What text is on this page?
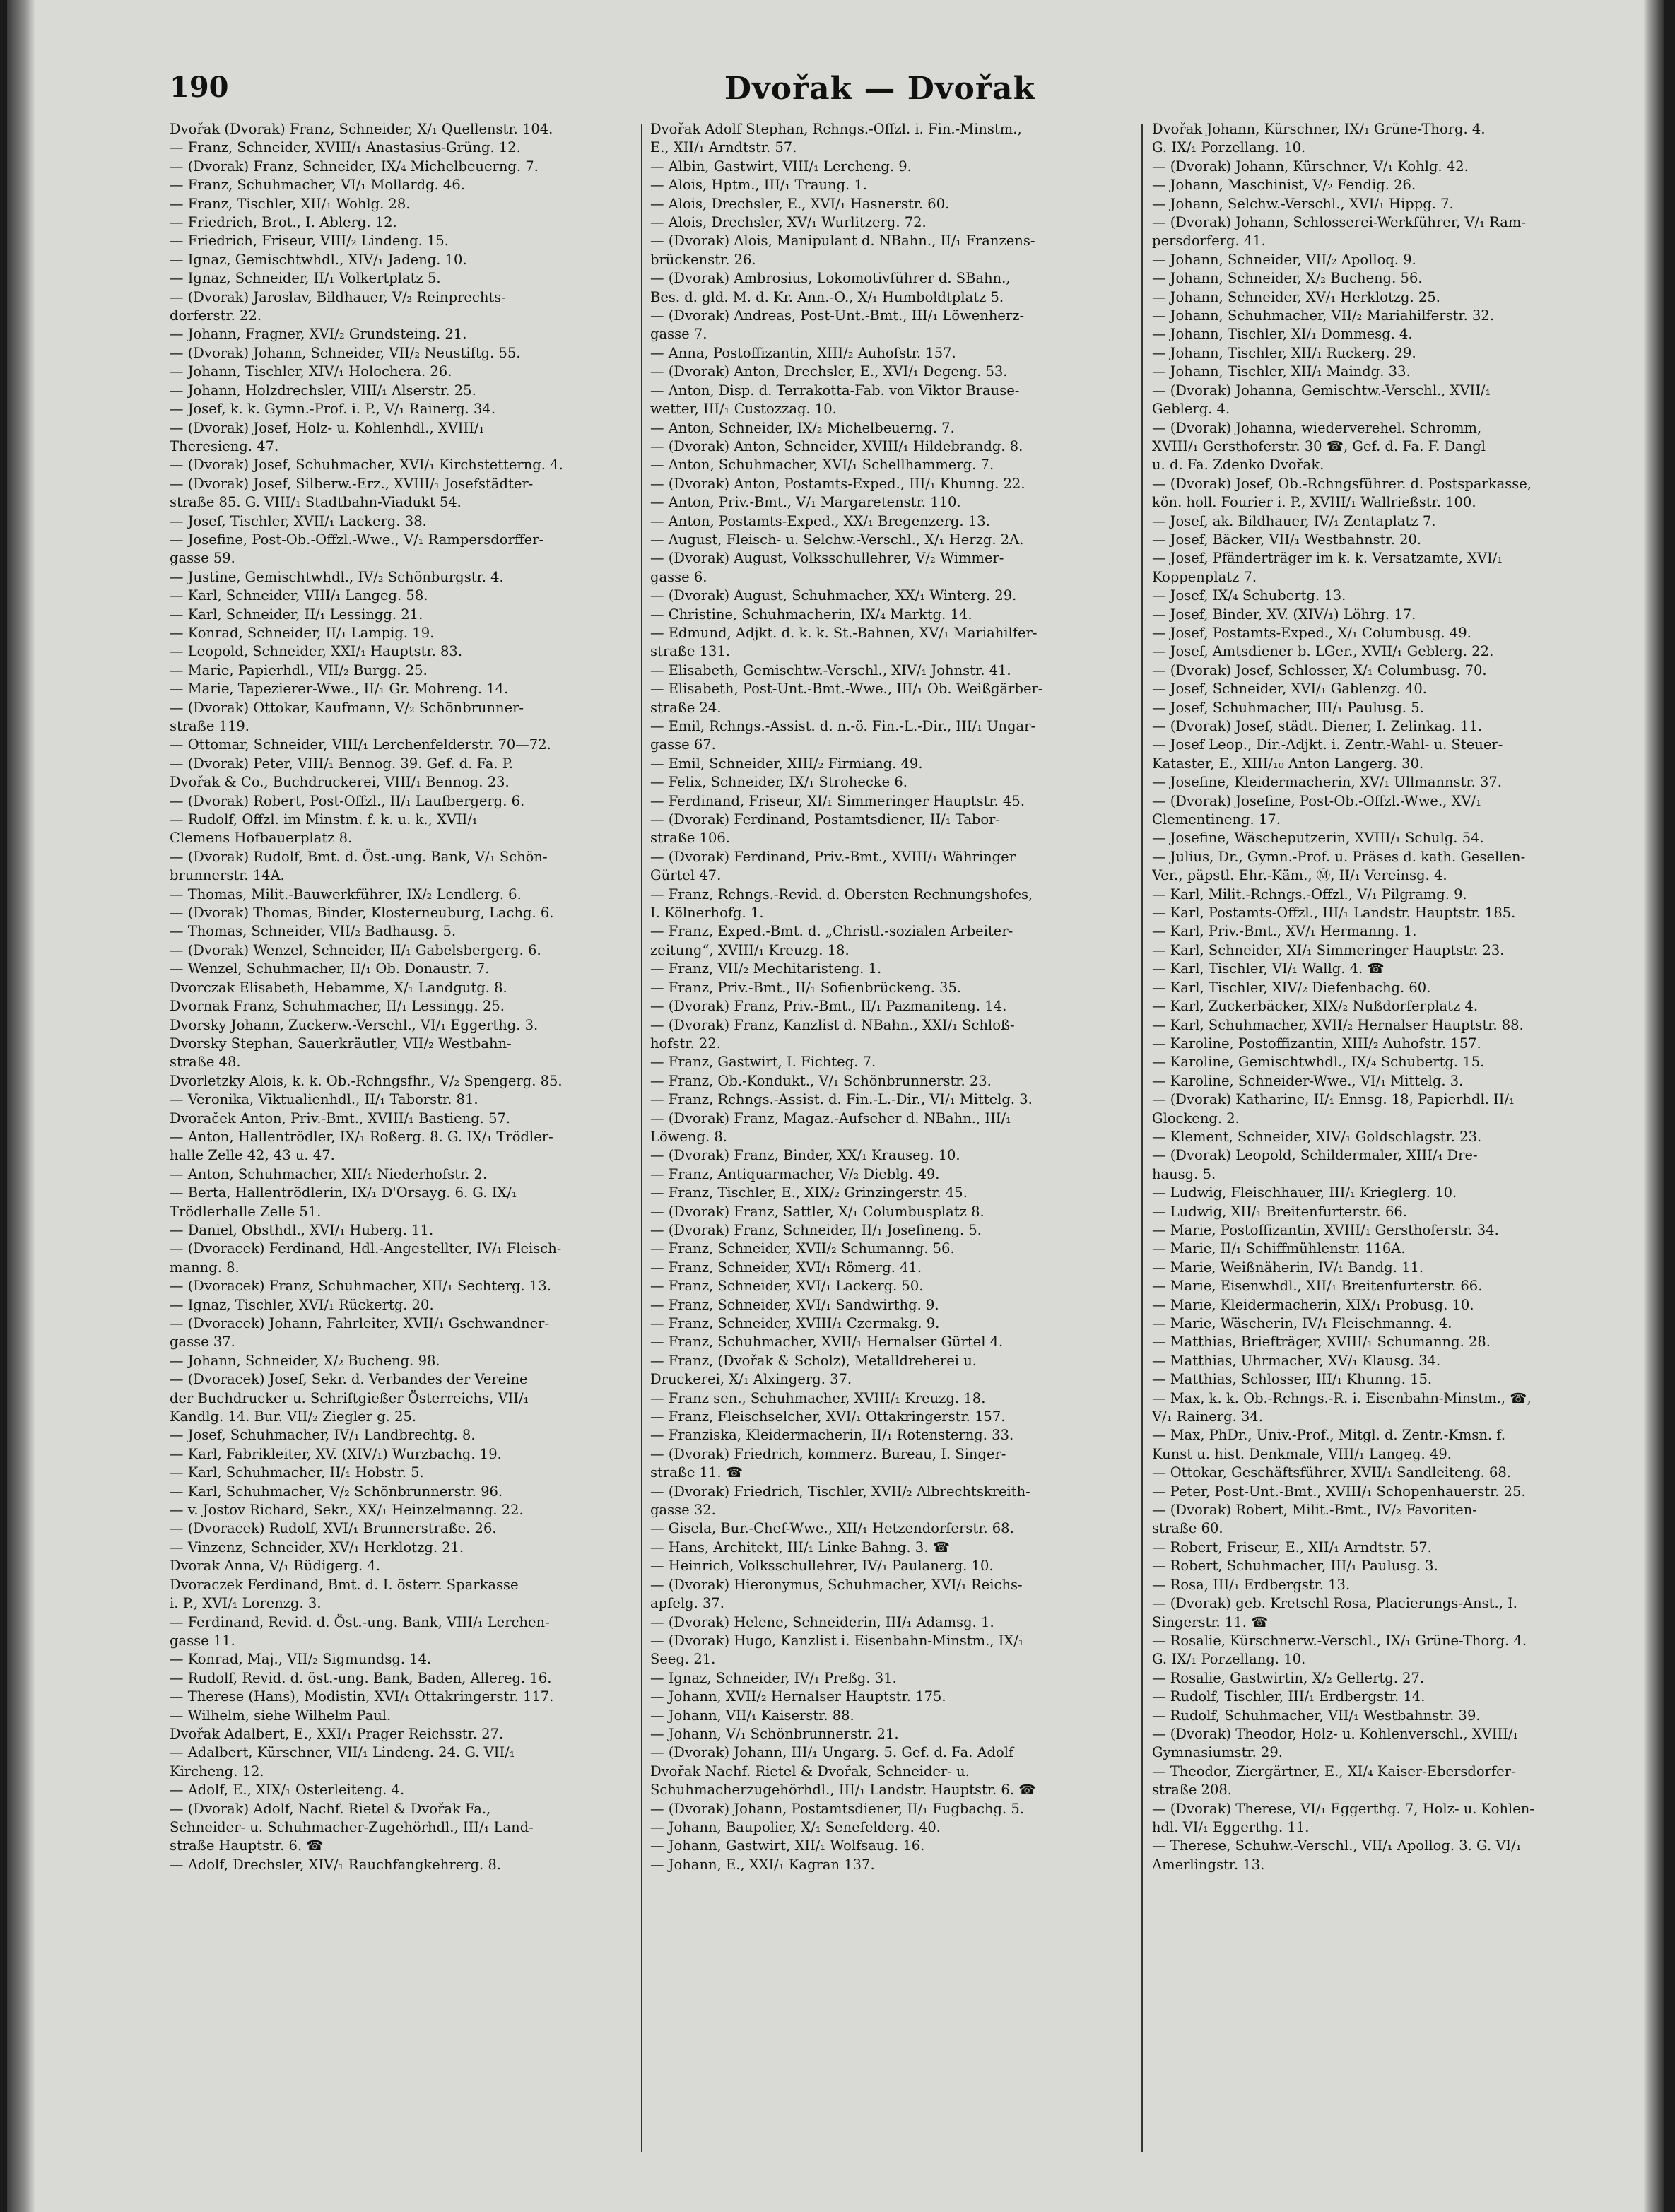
Dvořak — Dvořak
190
Dvořak (Dvorak) Franz, Schneider, X/₁ Quellenstr. 104.
— Franz, Schneider, XVIII/₁ Anastasius-Grüng. 12.
— (Dvorak) Franz, Schneider, IX/₄ Michelbeuerng. 7.
— Franz, Schuhmacher, VI/₁ Mollardg. 46.
— Franz, Tischler, XII/₁ Wohlg. 28.
— Friedrich, Brot., I. Ablerg. 12.
— Friedrich, Friseur, VIII/₂ Lindeng. 15.
— Ignaz, Gemischtwhdl., XIV/₁ Jadeng. 10.
— Ignaz, Schneider, II/₁ Volkertplatz 5.
— (Dvorak) Jaroslav, Bildhauer, V/₂ Reinprechts-
dorferstr. 22.
— Johann, Fragner, XVI/₂ Grundsteing. 21.
— (Dvorak) Johann, Schneider, VII/₂ Neustiftg. 55.
— Johann, Tischler, XIV/₁ Holochera. 26.
— Johann, Holzdrechsler, VIII/₁ Alserstr. 25.
— Josef, k. k. Gymn.-Prof. i. P., V/₁ Rainerg. 34.
— (Dvorak) Josef, Holz- u. Kohlenhdl., XVIII/₁
Theresieng. 47.
— (Dvorak) Josef, Schuhmacher, XVI/₁ Kirchstetterng. 4.
— (Dvorak) Josef, Silberw.-Erz., XVIII/₁ Josefstädter-
straße 85. G. VIII/₁ Stadtbahn-Viadukt 54.
— Josef, Tischler, XVII/₁ Lackerg. 38.
— Josefine, Post-Ob.-Offzl.-Wwe., V/₁ Rampersdorffer-
gasse 59.
— Justine, Gemischtwhdl., IV/₂ Schönburgstr. 4.
— Karl, Schneider, VIII/₁ Langeg. 58.
— Karl, Schneider, II/₁ Lessingg. 21.
— Konrad, Schneider, II/₁ Lampig. 19.
— Leopold, Schneider, XXI/₁ Hauptstr. 83.
— Marie, Papierhdl., VII/₂ Burgg. 25.
— Marie, Tapezierer-Wwe., II/₁ Gr. Mohreng. 14.
— (Dvorak) Ottokar, Kaufmann, V/₂ Schönbrunner-
straße 119.
— Ottomar, Schneider, VIII/₁ Lerchenfelderstr. 70—72.
— (Dvorak) Peter, VIII/₁ Bennog. 39. Gef. d. Fa. P.
Dvořak & Co., Buchdruckerei, VIII/₁ Bennog. 23.
— (Dvorak) Robert, Post-Offzl., II/₁ Laufbergerg. 6.
— Rudolf, Offzl. im Minstm. f. k. u. k., XVII/₁
Clemens Hofbauerplatz 8.
— (Dvorak) Rudolf, Bmt. d. Öst.-ung. Bank, V/₁ Schön-
brunnerstr. 14A.
— Thomas, Milit.-Bauwerkführer, IX/₂ Lendlerg. 6.
— (Dvorak) Thomas, Binder, Klosterneuburg, Lachg. 6.
— Thomas, Schneider, VII/₂ Badhausg. 5.
— (Dvorak) Wenzel, Schneider, II/₁ Gabelsbergerg. 6.
— Wenzel, Schuhmacher, II/₁ Ob. Donaustr. 7.
Dvorczak Elisabeth, Hebamme, X/₁ Landgutg. 8.
Dvornak Franz, Schuhmacher, II/₁ Lessingg. 25.
Dvorsky Johann, Zuckerw.-Verschl., VI/₁ Eggerthg. 3.
Dvorsky Stephan, Sauerkräutler, VII/₂ Westbahn-
straße 48.
Dvorletzky Alois, k. k. Ob.-Rchngsfhr., V/₂ Spengerg. 85.
— Veronika, Viktualienhdl., II/₁ Taborstr. 81.
Dvoraček Anton, Priv.-Bmt., XVIII/₁ Bastieng. 57.
— Anton, Hallentrödler, IX/₁ Roßerg. 8. G. IX/₁ Trödler-
halle Zelle 42, 43 u. 47.
— Anton, Schuhmacher, XII/₁ Niederhofstr. 2.
— Berta, Hallentrödlerin, IX/₁ D'Orsayg. 6. G. IX/₁
Trödlerhalle Zelle 51.
— Daniel, Obsthdl., XVI/₁ Huberg. 11.
— (Dvoracek) Ferdinand, Hdl.-Angestellter, IV/₁ Fleisch-
manng. 8.
— (Dvoracek) Franz, Schuhmacher, XII/₁ Sechterg. 13.
— Ignaz, Tischler, XVI/₁ Rückertg. 20.
— (Dvoracek) Johann, Fahrleiter, XVII/₁ Gschwandner-
gasse 37.
— Johann, Schneider, X/₂ Bucheng. 98.
— (Dvoracek) Josef, Sekr. d. Verbandes der Vereine
der Buchdrucker u. Schriftgießer Österreichs, VII/₁
Kandlg. 14. Bur. VII/₂ Ziegler g. 25.
— Josef, Schuhmacher, IV/₁ Landbrechtg. 8.
— Karl, Fabrikleiter, XV. (XIV/₁) Wurzbachg. 19.
— Karl, Schuhmacher, II/₁ Hobstr. 5.
— Karl, Schuhmacher, V/₂ Schönbrunnerstr. 96.
— v. Jostov Richard, Sekr., XX/₁ Heinzelmanng. 22.
— (Dvoracek) Rudolf, XVI/₁ Brunnerstraße. 26.
— Vinzenz, Schneider, XV/₁ Herklotzg. 21.
Dvorak Anna, V/₁ Rüdigerg. 4.
Dvoraczek Ferdinand, Bmt. d. I. österr. Sparkasse
i. P., XVI/₁ Lorenzg. 3.
— Ferdinand, Revid. d. Öst.-ung. Bank, VIII/₁ Lerchen-
gasse 11.
— Konrad, Maj., VII/₂ Sigmundsg. 14.
— Rudolf, Revid. d. öst.-ung. Bank, Baden, Allereg. 16.
— Therese (Hans), Modistin, XVI/₁ Ottakringerstr. 117.
— Wilhelm, siehe Wilhelm Paul.
Dvořak Adalbert, E., XXI/₁ Prager Reichsstr. 27.
— Adalbert, Kürschner, VII/₁ Lindeng. 24. G. VII/₁
Kircheng. 12.
— Adolf, E., XIX/₁ Osterleiteng. 4.
— (Dvorak) Adolf, Nachf. Rietel & Dvořak Fa.,
Schneider- u. Schuhmacher-Zugehörhdl., III/₁ Land-
straße Hauptstr. 6. ☎
— Adolf, Drechsler, XIV/₁ Rauchfangkehrerg. 8.
Dvořak Adolf Stephan, Rchngs.-Offzl. i. Fin.-Minstm.,
E., XII/₁ Arndtstr. 57.
— Albin, Gastwirt, VIII/₁ Lercheng. 9.
— Alois, Hptm., III/₁ Traung. 1.
— Alois, Drechsler, E., XVI/₁ Hasnerstr. 60.
— Alois, Drechsler, XV/₁ Wurlitzerg. 72.
— (Dvorak) Alois, Manipulant d. NBahn., II/₁ Franzens-
brückenstr. 26.
— (Dvorak) Ambrosius, Lokomotivführer d. SBahn.,
Bes. d. gld. M. d. Kr. Ann.-O., X/₁ Humboldtplatz 5.
— (Dvorak) Andreas, Post-Unt.-Bmt., III/₁ Löwenherz-
gasse 7.
— Anna, Postoffizantin, XIII/₂ Auhofstr. 157.
— (Dvorak) Anton, Drechsler, E., XVI/₁ Degeng. 53.
— Anton, Disp. d. Terrakotta-Fab. von Viktor Brause-
wetter, III/₁ Custozzag. 10.
— Anton, Schneider, IX/₂ Michelbeuerng. 7.
— (Dvorak) Anton, Schneider, XVIII/₁ Hildebrandg. 8.
— Anton, Schuhmacher, XVI/₁ Schellhammerg. 7.
— (Dvorak) Anton, Postamts-Exped., III/₁ Khunng. 22.
— Anton, Priv.-Bmt., V/₁ Margaretenstr. 110.
— Anton, Postamts-Exped., XX/₁ Bregenzerg. 13.
— August, Fleisch- u. Selchw.-Verschl., X/₁ Herzg. 2A.
— (Dvorak) August, Volksschullehrer, V/₂ Wimmer-
gasse 6.
— (Dvorak) August, Schuhmacher, XX/₁ Winterg. 29.
— Christine, Schuhmacherin, IX/₄ Marktg. 14.
— Edmund, Adjkt. d. k. k. St.-Bahnen, XV/₁ Mariahilfer-
straße 131.
— Elisabeth, Gemischtw.-Verschl., XIV/₁ Johnstr. 41.
— Elisabeth, Post-Unt.-Bmt.-Wwe., III/₁ Ob. Weißgärber-
straße 24.
— Emil, Rchngs.-Assist. d. n.-ö. Fin.-L.-Dir., III/₁ Ungar-
gasse 67.
— Emil, Schneider, XIII/₂ Firmiang. 49.
— Felix, Schneider, IX/₁ Strohecke 6.
— Ferdinand, Friseur, XI/₁ Simmeringer Hauptstr. 45.
— (Dvorak) Ferdinand, Postamtsdiener, II/₁ Tabor-
straße 106.
— (Dvorak) Ferdinand, Priv.-Bmt., XVIII/₁ Währinger
Gürtel 47.
— Franz, Rchngs.-Revid. d. Obersten Rechnungshofes,
I. Kölnerhofg. 1.
— Franz, Exped.-Bmt. d. „Christl.-sozialen Arbeiter-
zeitung“, XVIII/₁ Kreuzg. 18.
— Franz, VII/₂ Mechitaristeng. 1.
— Franz, Priv.-Bmt., II/₁ Sofienbrückeng. 35.
— (Dvorak) Franz, Priv.-Bmt., II/₁ Pazmaniteng. 14.
— (Dvorak) Franz, Kanzlist d. NBahn., XXI/₁ Schloß-
hofstr. 22.
— Franz, Gastwirt, I. Fichteg. 7.
— Franz, Ob.-Kondukt., V/₁ Schönbrunnerstr. 23.
— Franz, Rchngs.-Assist. d. Fin.-L.-Dir., VI/₁ Mittelg. 3.
— (Dvorak) Franz, Magaz.-Aufseher d. NBahn., III/₁
Löweng. 8.
— (Dvorak) Franz, Binder, XX/₁ Krauseg. 10.
— Franz, Antiquarmacher, V/₂ Dieblg. 49.
— Franz, Tischler, E., XIX/₂ Grinzingerstr. 45.
— (Dvorak) Franz, Sattler, X/₁ Columbusplatz 8.
— (Dvorak) Franz, Schneider, II/₁ Josefineng. 5.
— Franz, Schneider, XVII/₂ Schumanng. 56.
— Franz, Schneider, XVI/₁ Römerg. 41.
— Franz, Schneider, XVI/₁ Lackerg. 50.
— Franz, Schneider, XVI/₁ Sandwirthg. 9.
— Franz, Schneider, XVIII/₁ Czermakg. 9.
— Franz, Schuhmacher, XVII/₁ Hernalser Gürtel 4.
— Franz, (Dvořak & Scholz), Metalldreherei u.
Druckerei, X/₁ Alxingerg. 37.
— Franz sen., Schuhmacher, XVIII/₁ Kreuzg. 18.
— Franz, Fleischselcher, XVI/₁ Ottakringerstr. 157.
— Franziska, Kleidermacherin, II/₁ Rotensterng. 33.
— (Dvorak) Friedrich, kommerz. Bureau, I. Singer-
straße 11. ☎
— (Dvorak) Friedrich, Tischler, XVII/₂ Albrechtskreith-
gasse 32.
— Gisela, Bur.-Chef-Wwe., XII/₁ Hetzendorferstr. 68.
— Hans, Architekt, III/₁ Linke Bahng. 3. ☎
— Heinrich, Volksschullehrer, IV/₁ Paulanerg. 10.
— (Dvorak) Hieronymus, Schuhmacher, XVI/₁ Reichs-
apfelg. 37.
— (Dvorak) Helene, Schneiderin, III/₁ Adamsg. 1.
— (Dvorak) Hugo, Kanzlist i. Eisenbahn-Minstm., IX/₁
Seeg. 21.
— Ignaz, Schneider, IV/₁ Preßg. 31.
— Johann, XVII/₂ Hernalser Hauptstr. 175.
— Johann, VII/₁ Kaiserstr. 88.
— Johann, V/₁ Schönbrunnerstr. 21.
— (Dvorak) Johann, III/₁ Ungarg. 5. Gef. d. Fa. Adolf
Dvořak Nachf. Rietel & Dvořak, Schneider- u.
Schuhmacherzugehörhdl., III/₁ Landstr. Hauptstr. 6. ☎
— (Dvorak) Johann, Postamtsdiener, II/₁ Fugbachg. 5.
— Johann, Baupolier, X/₁ Senefelderg. 40.
— Johann, Gastwirt, XII/₁ Wolfsaug. 16.
— Johann, E., XXI/₁ Kagran 137.
Dvořak Johann, Kürschner, IX/₁ Grüne-Thorg. 4.
G. IX/₁ Porzellang. 10.
— (Dvorak) Johann, Kürschner, V/₁ Kohlg. 42.
— Johann, Maschinist, V/₂ Fendig. 26.
— Johann, Selchw.-Verschl., XVI/₁ Hippg. 7.
— (Dvorak) Johann, Schlosserei-Werkführer, V/₁ Ram-
persdorferg. 41.
— Johann, Schneider, VII/₂ Apolloq. 9.
— Johann, Schneider, X/₂ Bucheng. 56.
— Johann, Schneider, XV/₁ Herklotzg. 25.
— Johann, Schuhmacher, VII/₂ Mariahilferstr. 32.
— Johann, Tischler, XI/₁ Dommesg. 4.
— Johann, Tischler, XII/₁ Ruckerg. 29.
— Johann, Tischler, XII/₁ Maindg. 33.
— (Dvorak) Johanna, Gemischtw.-Verschl., XVII/₁
Geblerg. 4.
— (Dvorak) Johanna, wiederverehel. Schromm,
XVIII/₁ Gersthoferstr. 30 ☎, Gef. d. Fa. F. Dangl
u. d. Fa. Zdenko Dvořak.
— (Dvorak) Josef, Ob.-Rchngsführer. d. Postsparkasse,
kön. holl. Fourier i. P., XVIII/₁ Wallrießstr. 100.
— Josef, ak. Bildhauer, IV/₁ Zentaplatz 7.
— Josef, Bäcker, VII/₁ Westbahnstr. 20.
— Josef, Pfänderträger im k. k. Versatzamte, XVI/₁
Koppenplatz 7.
— Josef, IX/₄ Schubertg. 13.
— Josef, Binder, XV. (XIV/₁) Löhrg. 17.
— Josef, Postamts-Exped., X/₁ Columbusg. 49.
— Josef, Amtsdiener b. LGer., XVII/₁ Geblerg. 22.
— (Dvorak) Josef, Schlosser, X/₁ Columbusg. 70.
— Josef, Schneider, XVI/₁ Gablenzg. 40.
— Josef, Schuhmacher, III/₁ Paulusg. 5.
— (Dvorak) Josef, städt. Diener, I. Zelinkag. 11.
— Josef Leop., Dir.-Adjkt. i. Zentr.-Wahl- u. Steuer-
Kataster, E., XIII/₁₀ Anton Langerg. 30.
— Josefine, Kleidermacherin, XV/₁ Ullmannstr. 37.
— (Dvorak) Josefine, Post-Ob.-Offzl.-Wwe., XV/₁
Clementineng. 17.
— Josefine, Wäscheputzerin, XVIII/₁ Schulg. 54.
— Julius, Dr., Gymn.-Prof. u. Präses d. kath. Gesellen-
Ver., päpstl. Ehr.-Käm., Ⓜ, II/₁ Vereinsg. 4.
— Karl, Milit.-Rchngs.-Offzl., V/₁ Pilgramg. 9.
— Karl, Postamts-Offzl., III/₁ Landstr. Hauptstr. 185.
— Karl, Priv.-Bmt., XV/₁ Hermanng. 1.
— Karl, Schneider, XI/₁ Simmeringer Hauptstr. 23.
— Karl, Tischler, VI/₁ Wallg. 4. ☎
— Karl, Tischler, XIV/₂ Diefenbachg. 60.
— Karl, Zuckerbäcker, XIX/₂ Nußdorferplatz 4.
— Karl, Schuhmacher, XVII/₂ Hernalser Hauptstr. 88.
— Karoline, Postoffizantin, XIII/₂ Auhofstr. 157.
— Karoline, Gemischtwhdl., IX/₄ Schubertg. 15.
— Karoline, Schneider-Wwe., VI/₁ Mittelg. 3.
— (Dvorak) Katharine, II/₁ Ennsg. 18, Papierhdl. II/₁
Glockeng. 2.
— Klement, Schneider, XIV/₁ Goldschlagstr. 23.
— (Dvorak) Leopold, Schildermaler, XIII/₄ Dre-
hausg. 5.
— Ludwig, Fleischhauer, III/₁ Krieglerg. 10.
— Ludwig, XII/₁ Breitenfurterstr. 66.
— Marie, Postoffizantin, XVIII/₁ Gersthoferstr. 34.
— Marie, II/₁ Schiffmühlenstr. 116A.
— Marie, Weißnäherin, IV/₁ Bandg. 11.
— Marie, Eisenwhdl., XII/₁ Breitenfurterstr. 66.
— Marie, Kleidermacherin, XIX/₁ Probusg. 10.
— Marie, Wäscherin, IV/₁ Fleischmanng. 4.
— Matthias, Briefträger, XVIII/₁ Schumanng. 28.
— Matthias, Uhrmacher, XV/₁ Klausg. 34.
— Matthias, Schlosser, III/₁ Khunng. 15.
— Max, k. k. Ob.-Rchngs.-R. i. Eisenbahn-Minstm., ☎,
V/₁ Rainerg. 34.
— Max, PhDr., Univ.-Prof., Mitgl. d. Zentr.-Kmsn. f.
Kunst u. hist. Denkmale, VIII/₁ Langeg. 49.
— Ottokar, Geschäftsführer, XVII/₁ Sandleiteng. 68.
— Peter, Post-Unt.-Bmt., XVIII/₁ Schopenhauerstr. 25.
— (Dvorak) Robert, Milit.-Bmt., IV/₂ Favoriten-
straße 60.
— Robert, Friseur, E., XII/₁ Arndtstr. 57.
— Robert, Schuhmacher, III/₁ Paulusg. 3.
— Rosa, III/₁ Erdbergstr. 13.
— (Dvorak) geb. Kretschl Rosa, Placierungs-Anst., I.
Singerstr. 11. ☎
— Rosalie, Kürschnerw.-Verschl., IX/₁ Grüne-Thorg. 4.
G. IX/₁ Porzellang. 10.
— Rosalie, Gastwirtin, X/₂ Gellertg. 27.
— Rudolf, Tischler, III/₁ Erdbergstr. 14.
— Rudolf, Schuhmacher, VII/₁ Westbahnstr. 39.
— (Dvorak) Theodor, Holz- u. Kohlenverschl., XVIII/₁
Gymnasiumstr. 29.
— Theodor, Ziergärtner, E., XI/₄ Kaiser-Ebersdorfer-
straße 208.
— (Dvorak) Therese, VI/₁ Eggerthg. 7, Holz- u. Kohlen-
hdl. VI/₁ Eggerthg. 11.
— Therese, Schuhw.-Verschl., VII/₁ Apollog. 3. G. VI/₁
Amerlingstr. 13.
